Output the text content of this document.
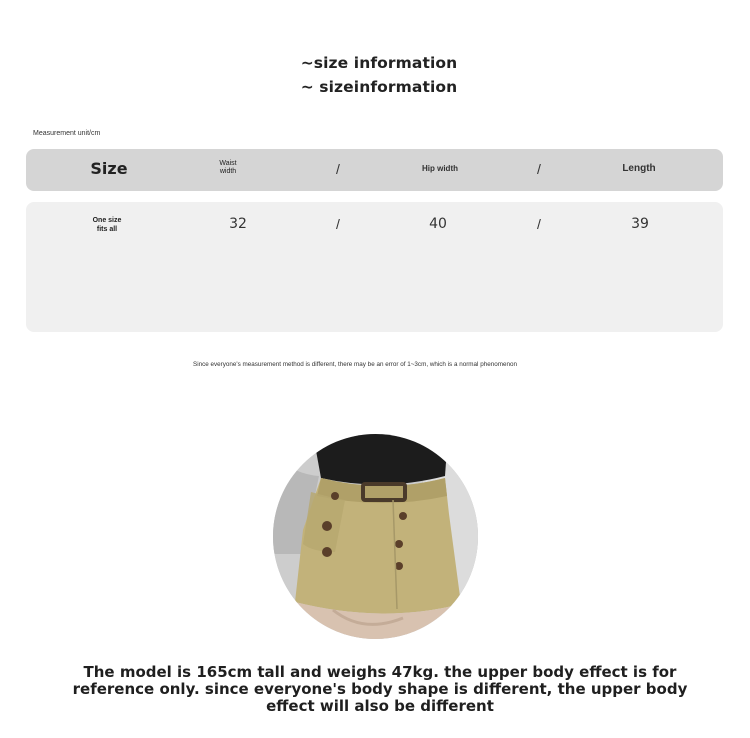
~size information
~ sizeinformation
Measurement unit/cm
Size	Waist width	/	Hip width	/	Length
One size fits all	32	/	40	/	39
Since everyone's measurement method is different, there may be an error of 1~3cm, which is a normal phenomenon
The model is 165cm tall and weighs 47kg. the upper body effect is for reference only. since everyone's body shape is different, the upper body effect will also be different
